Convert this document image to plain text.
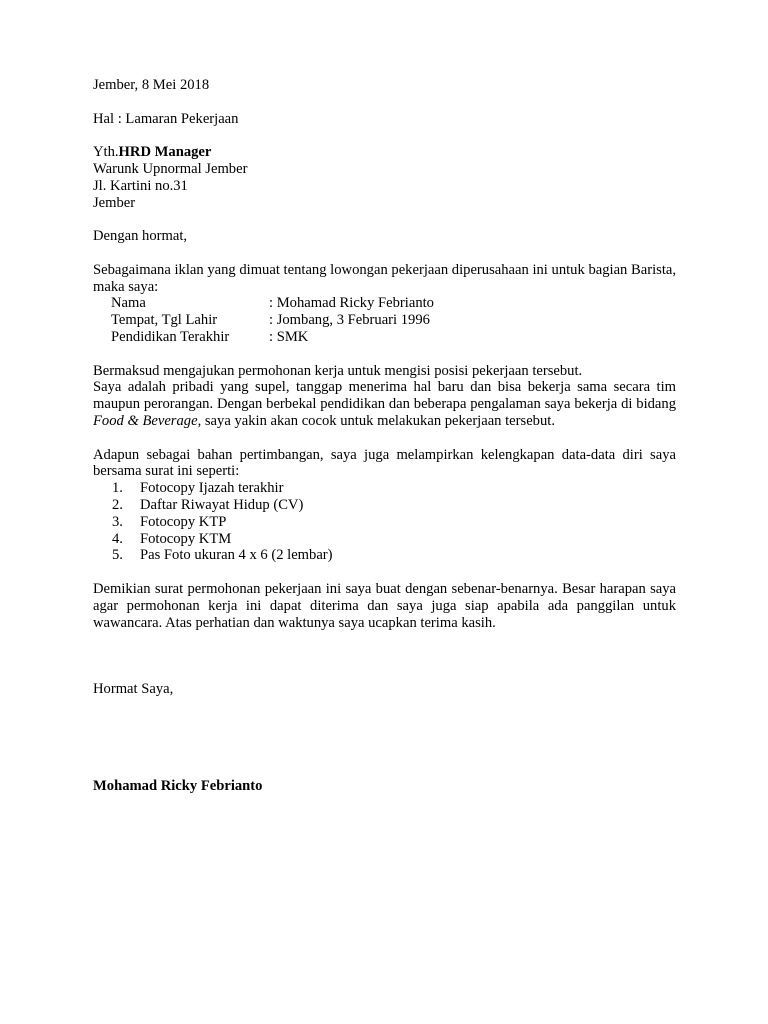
Jember, 8 Mei 2018

Hal : Lamaran Pekerjaan

Yth.HRD Manager

Warunk Upnormal Jember

Jl. Kartini no.31

Jember

Dengan hormat,

Sebagaimana iklan yang dimuat tentang lowongan pekerjaan diperusahaan ini untuk bagian Barista, maka saya:

Nama	: Mohamad Ricky Febrianto
Tempat, Tgl Lahir	: Jombang, 3 Februari 1996
Pendidikan Terakhir	: SMK

Bermaksud mengajukan permohonan kerja untuk mengisi posisi pekerjaan tersebut.

Saya adalah pribadi yang supel, tanggap menerima hal baru dan bisa bekerja sama secara tim maupun perorangan. Dengan berbekal pendidikan dan beberapa pengalaman saya bekerja di bidang Food & Beverage, saya yakin akan cocok untuk melakukan pekerjaan tersebut.

Adapun sebagai bahan pertimbangan, saya juga melampirkan kelengkapan data-data diri saya bersama surat ini seperti:

1.	Fotocopy Ijazah terakhir
2.	Daftar Riwayat Hidup (CV)
3.	Fotocopy KTP
4.	Fotocopy KTM
5.	Pas Foto ukuran 4 x 6 (2 lembar)

Demikian surat permohonan pekerjaan ini saya buat dengan sebenar-benarnya. Besar harapan saya agar permohonan kerja ini dapat diterima dan saya juga siap apabila ada panggilan untuk wawancara. Atas perhatian dan waktunya saya ucapkan terima kasih.

Hormat Saya,

Mohamad Ricky Febrianto
